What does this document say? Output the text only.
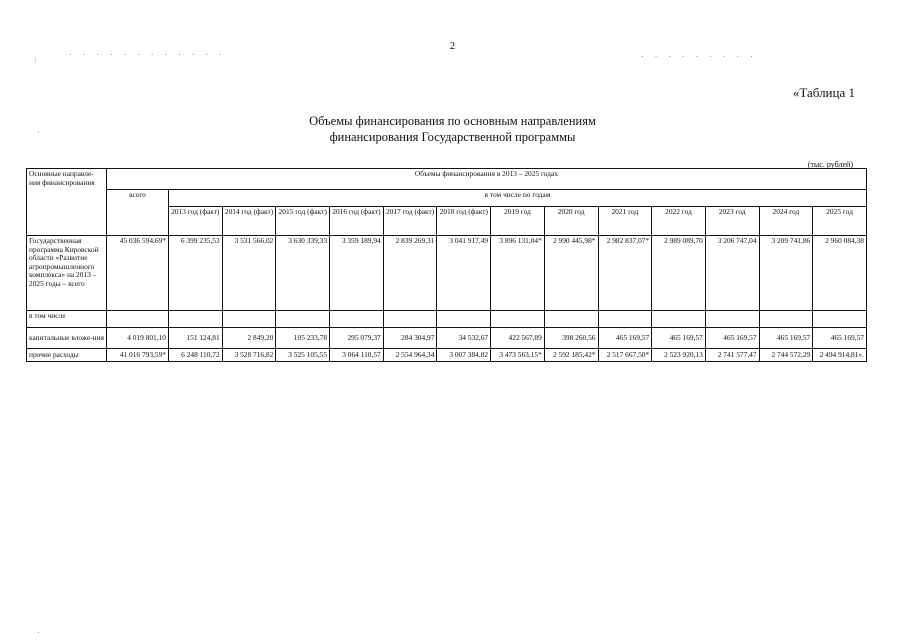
· · · · · · · · · · · ·	· · · · · · · · ·
⁝
·
·
2
«Таблица 1
Объемы финансирования по основным направлениям
финансирования Государственной программы
(тыс. рублей)
Основные направле-ния финансирования	Объемы финансирования в 2013 – 2025 годах													
	всего	в том числе по годам												
		2013 год (факт)	2014 год (факт)	2015 год (факт)	2016 год (факт)	2017 год (факт)	2018 год (факт)	2019 год	2020 год	2021 год	2022 год	2023 год	2024 год	2025 год
Государственная программа Кировской области «Развитие агропромышленного комплекса» на 2013 – 2025 годы – всего	45 036 594,69*	6 399 235,53	3 531 566,02	3 630 339,33	3 359 189,94	2 839 269,31	3 041 917,49	3 896 131,04*	2 990 445,98*	2 982 837,07*	2 989 089,70	3 206 747,04	3 209 741,86	2 960 084,38
в том числе														
капитальные вложе-ния	4 019 801,10	151 124,81	2 849,20	105 233,78	295 079,37	284 304,97	34 532,67	422 567,89	398 260,56	465 169,57	465 169,57	465 169,57	465 169,57	465 169,57
прочие расходы	41 016 793,59*	6 248 110,72	3 528 716,82	3 525 105,55	3 064 110,57	2 554 964,34	3 007 384,82	3 473 563,15*	2 592 185,42*	2 517 667,50*	2 523 920,13	2 741 577,47	2 744 572,29	2 494 914,81».
